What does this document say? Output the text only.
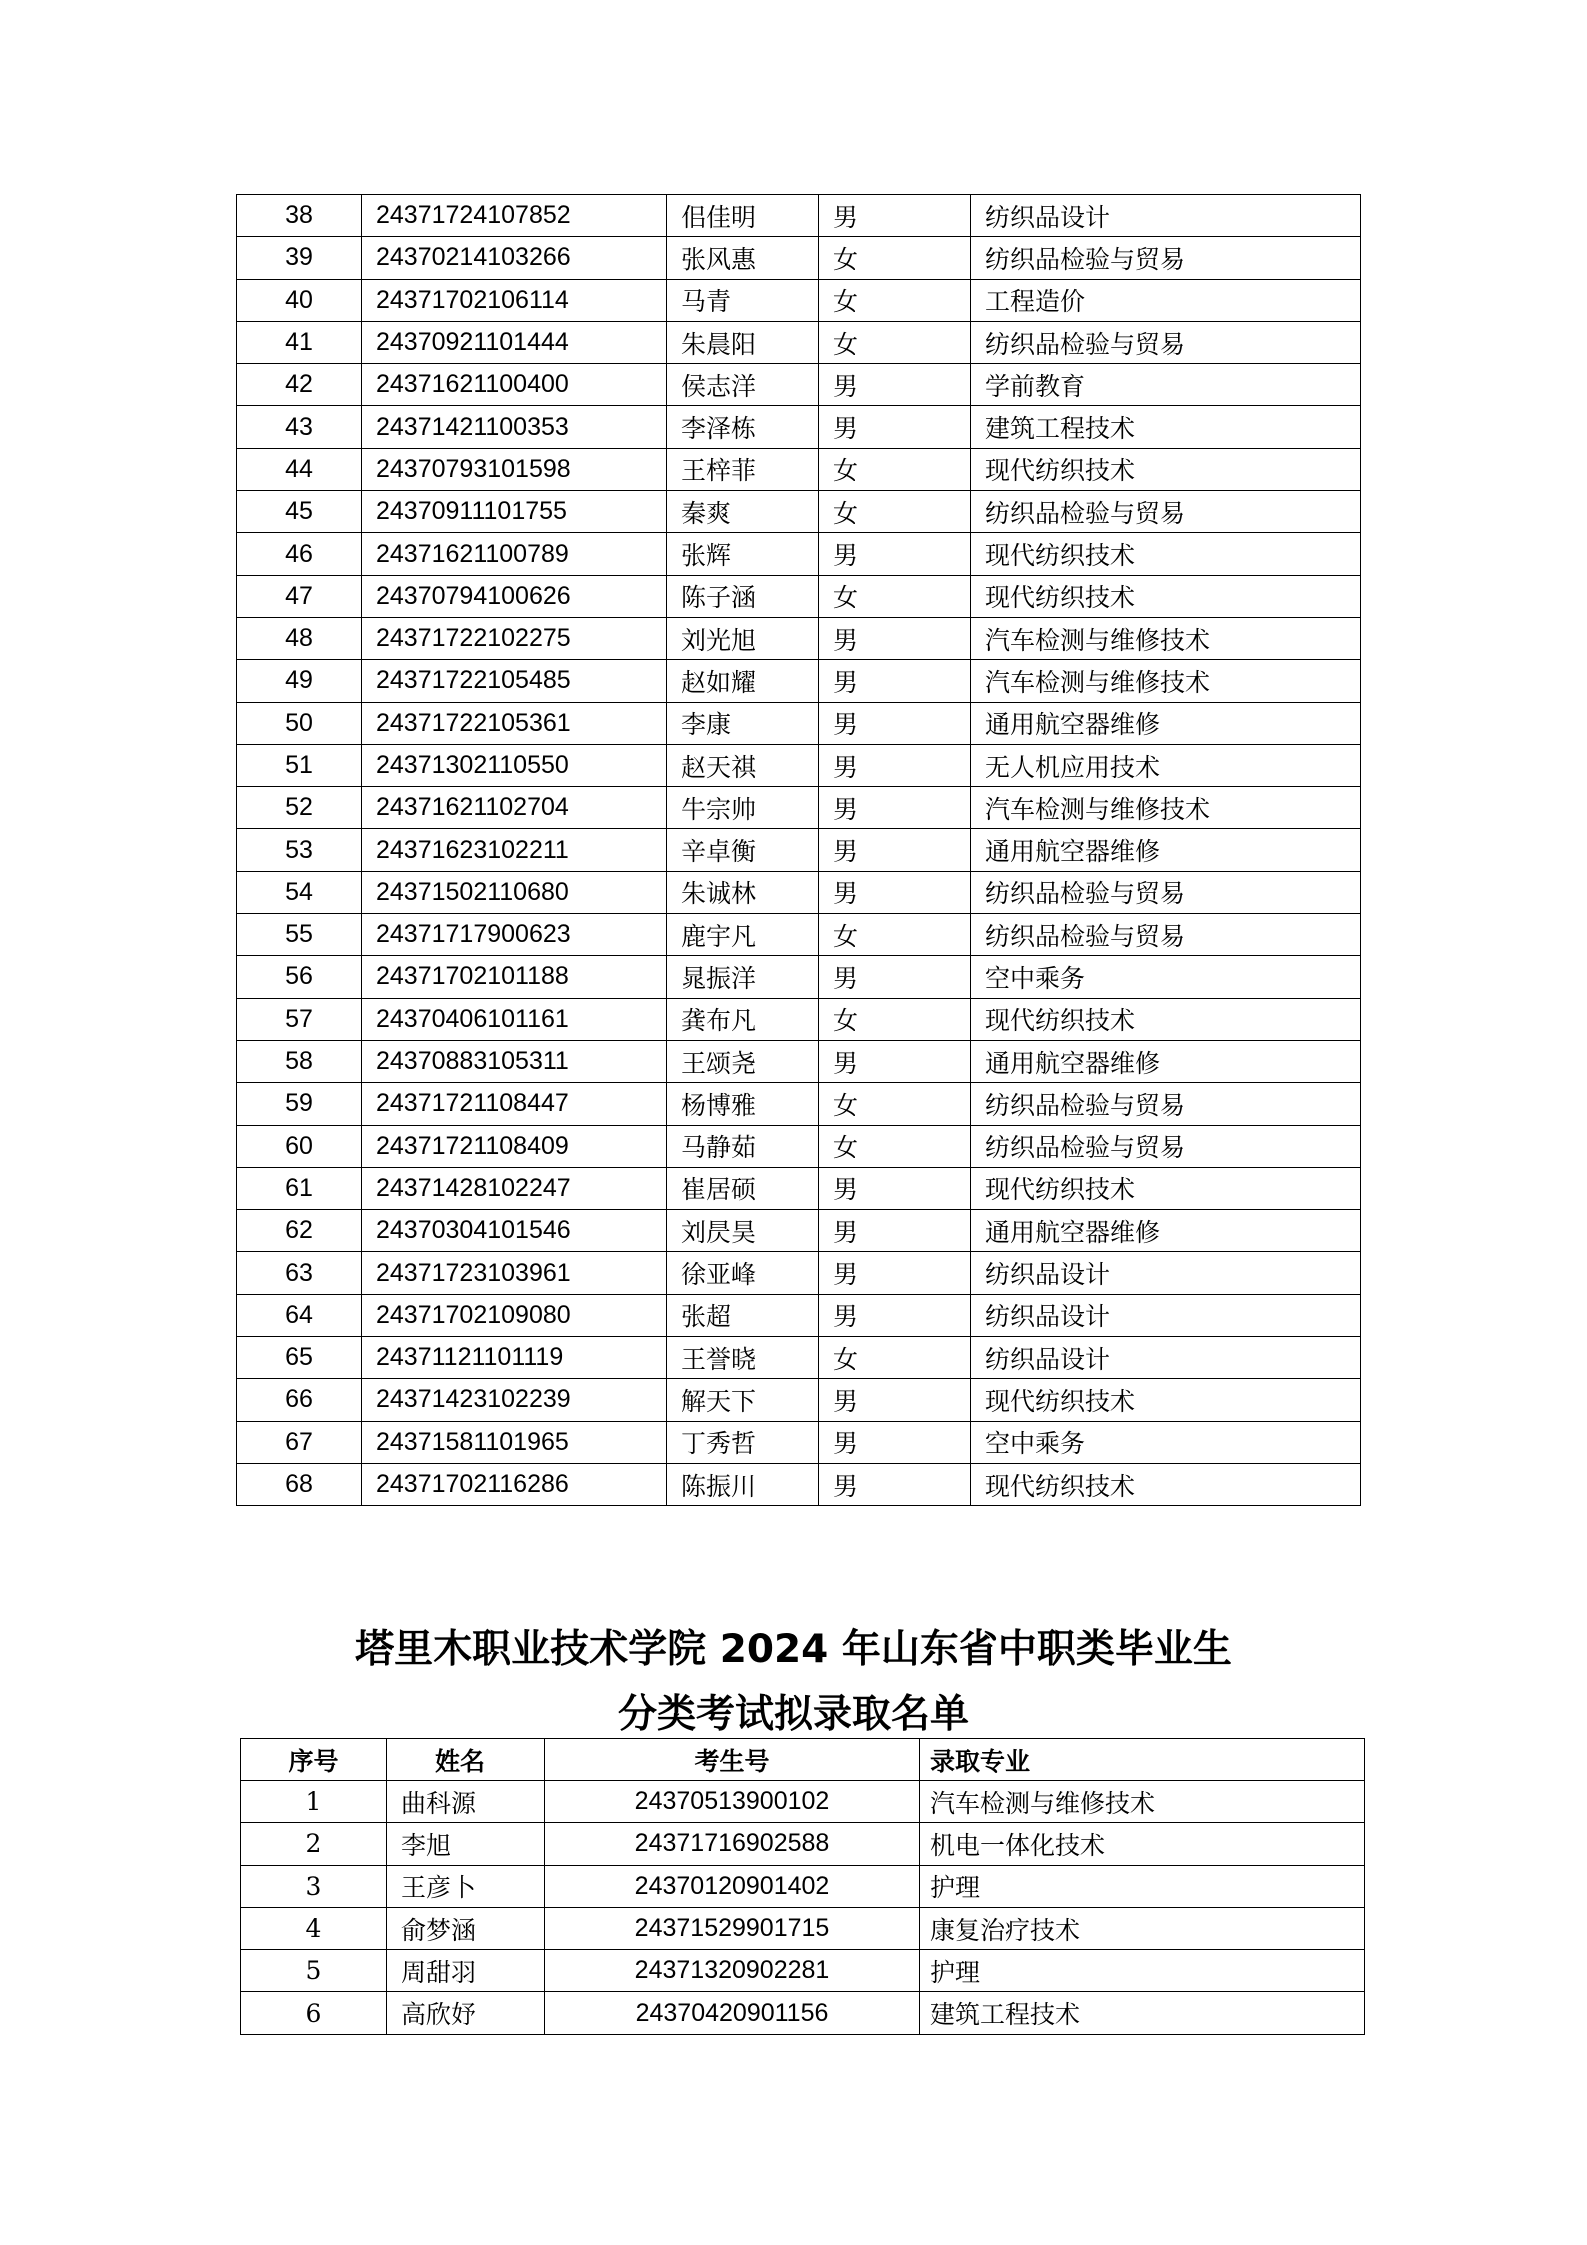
38	24371724107852	佀佳明	男	纺织品设计
39	24370214103266	张风惠	女	纺织品检验与贸易
40	24371702106114	马青	女	工程造价
41	24370921101444	朱晨阳	女	纺织品检验与贸易
42	24371621100400	侯志洋	男	学前教育
43	24371421100353	李泽栋	男	建筑工程技术
44	24370793101598	王梓菲	女	现代纺织技术
45	24370911101755	秦爽	女	纺织品检验与贸易
46	24371621100789	张辉	男	现代纺织技术
47	24370794100626	陈子涵	女	现代纺织技术
48	24371722102275	刘光旭	男	汽车检测与维修技术
49	24371722105485	赵如耀	男	汽车检测与维修技术
50	24371722105361	李康	男	通用航空器维修
51	24371302110550	赵天祺	男	无人机应用技术
52	24371621102704	牛宗帅	男	汽车检测与维修技术
53	24371623102211	辛卓衡	男	通用航空器维修
54	24371502110680	朱诚林	男	纺织品检验与贸易
55	24371717900623	鹿宇凡	女	纺织品检验与贸易
56	24371702101188	晁振洋	男	空中乘务
57	24370406101161	龚布凡	女	现代纺织技术
58	24370883105311	王颂尧	男	通用航空器维修
59	24371721108447	杨博雅	女	纺织品检验与贸易
60	24371721108409	马静茹	女	纺织品检验与贸易
61	24371428102247	崔居硕	男	现代纺织技术
62	24370304101546	刘昃昊	男	通用航空器维修
63	24371723103961	徐亚峰	男	纺织品设计
64	24371702109080	张超	男	纺织品设计
65	24371121101119	王誉晓	女	纺织品设计
66	24371423102239	解天下	男	现代纺织技术
67	24371581101965	丁秀哲	男	空中乘务
68	24371702116286	陈振川	男	现代纺织技术
塔里木职业技术学院 2024 年山东省中职类毕业生
分类考试拟录取名单
序号	姓名	考生号	录取专业
1	曲科源	24370513900102	汽车检测与维修技术
2	李旭	24371716902588	机电一体化技术
3	王彦卜	24370120901402	护理
4	俞梦涵	24371529901715	康复治疗技术
5	周甜羽	24371320902281	护理
6	高欣妤	24370420901156	建筑工程技术
